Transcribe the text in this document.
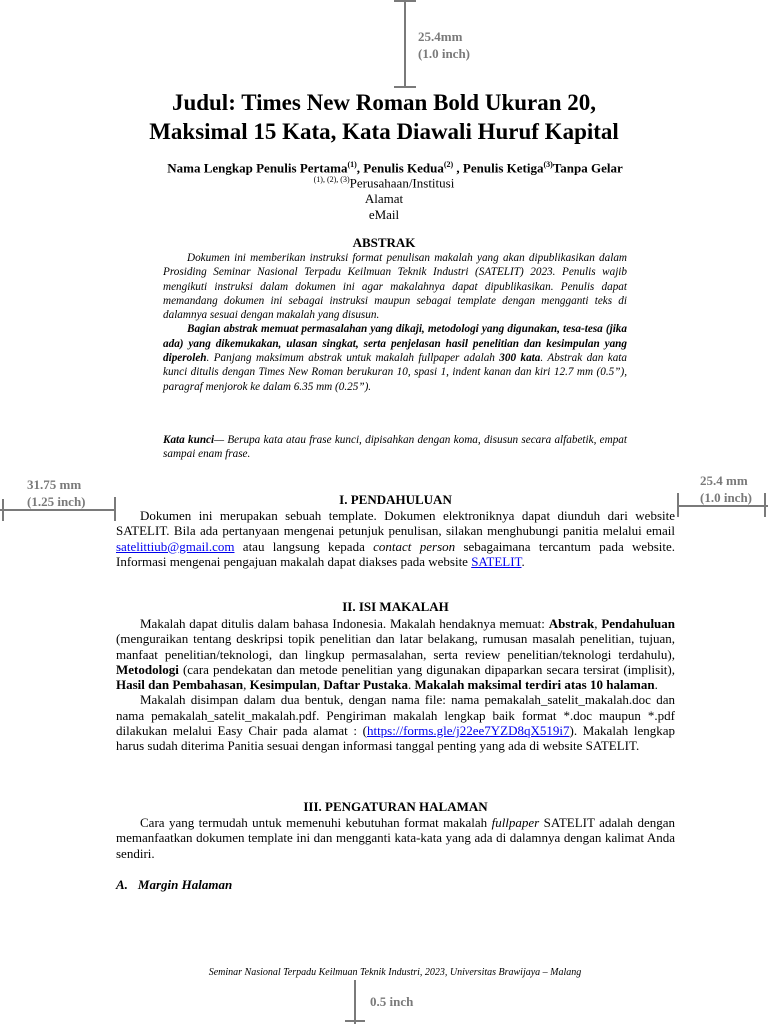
25.4mm
(1.0 inch)
31.75 mm
(1.25 inch)
25.4 mm
(1.0 inch)
Judul: Times New Roman Bold Ukuran 20,
Maksimal 15 Kata, Kata Diawali Huruf Kapital
Nama Lengkap Penulis Pertama$^{(1)}$, Penulis Kedua$^{(2)}$ , Penulis Ketiga$^{(3)}$Tanpa Gelar
$^{(1), (2), (3)}$Perusahaan/Institusi
Alamat
eMail
ABSTRAK

Dokumen ini memberikan instruksi format penulisan makalah yang akan dipublikasikan dalam Prosiding Seminar Nasional Terpadu Keilmuan Teknik Industri (SATELIT) 2023. Penulis wajib mengikuti instruksi dalam dokumen ini agar makalahnya dapat dipublikasikan. Penulis dapat memandang dokumen ini sebagai instruksi maupun sebagai template dengan mengganti teks di dalamnya sesuai dengan makalah yang disusun.

Bagian abstrak memuat permasalahan yang dikaji, metodologi yang digunakan, tesa-tesa (jika ada) yang dikemukakan, ulasan singkat, serta penjelasan hasil penelitian dan kesimpulan yang diperoleh. Panjang maksimum abstrak untuk makalah fullpaper adalah 300 kata. Abstrak dan kata kunci ditulis dengan Times New Roman berukuran 10, spasi 1, indent kanan dan kiri 12.7 mm (0.5”), paragraf menjorok ke dalam 6.35 mm (0.25”).

Kata kunci— Berupa kata atau frase kunci, dipisahkan dengan koma, disusun secara alfabetik, empat sampai enam frase.
I. PENDAHULUAN

Dokumen ini merupakan sebuah template. Dokumen elektroniknya dapat diunduh dari website SATELIT. Bila ada pertanyaan mengenai petunjuk penulisan, silakan menghubungi panitia melalui email satelittiub@gmail.com atau langsung kepada contact person sebagaimana tercantum pada website. Informasi mengenai pengajuan makalah dapat diakses pada website SATELIT.

II. ISI MAKALAH

Makalah dapat ditulis dalam bahasa Indonesia. Makalah hendaknya memuat: Abstrak, Pendahuluan (menguraikan tentang deskripsi topik penelitian dan latar belakang, rumusan masalah penelitian, tujuan, manfaat penelitian/teknologi, dan lingkup permasalahan, serta review penelitian/teknologi terdahulu), Metodologi (cara pendekatan dan metode penelitian yang digunakan dipaparkan secara tersirat (implisit), Hasil dan Pembahasan, Kesimpulan, Daftar Pustaka. Makalah maksimal terdiri atas 10 halaman.

Makalah disimpan dalam dua bentuk, dengan nama file: nama pemakalah_satelit_makalah.doc dan nama pemakalah_satelit_makalah.pdf. Pengiriman makalah lengkap baik format *.doc maupun *.pdf dilakukan melalui Easy Chair pada alamat : (https://forms.gle/j22ee7YZD8qX519i7). Makalah lengkap harus sudah diterima Panitia sesuai dengan informasi tanggal penting yang ada di website SATELIT.

III. PENGATURAN HALAMAN

Cara yang termudah untuk memenuhi kebutuhan format makalah fullpaper SATELIT adalah dengan memanfaatkan dokumen template ini dan mengganti kata-kata yang ada di dalamnya dengan kalimat Anda sendiri.

A. Margin Halaman
Seminar Nasional Terpadu Keilmuan Teknik Industri, 2023, Universitas Brawijaya – Malang
0.5 inch
